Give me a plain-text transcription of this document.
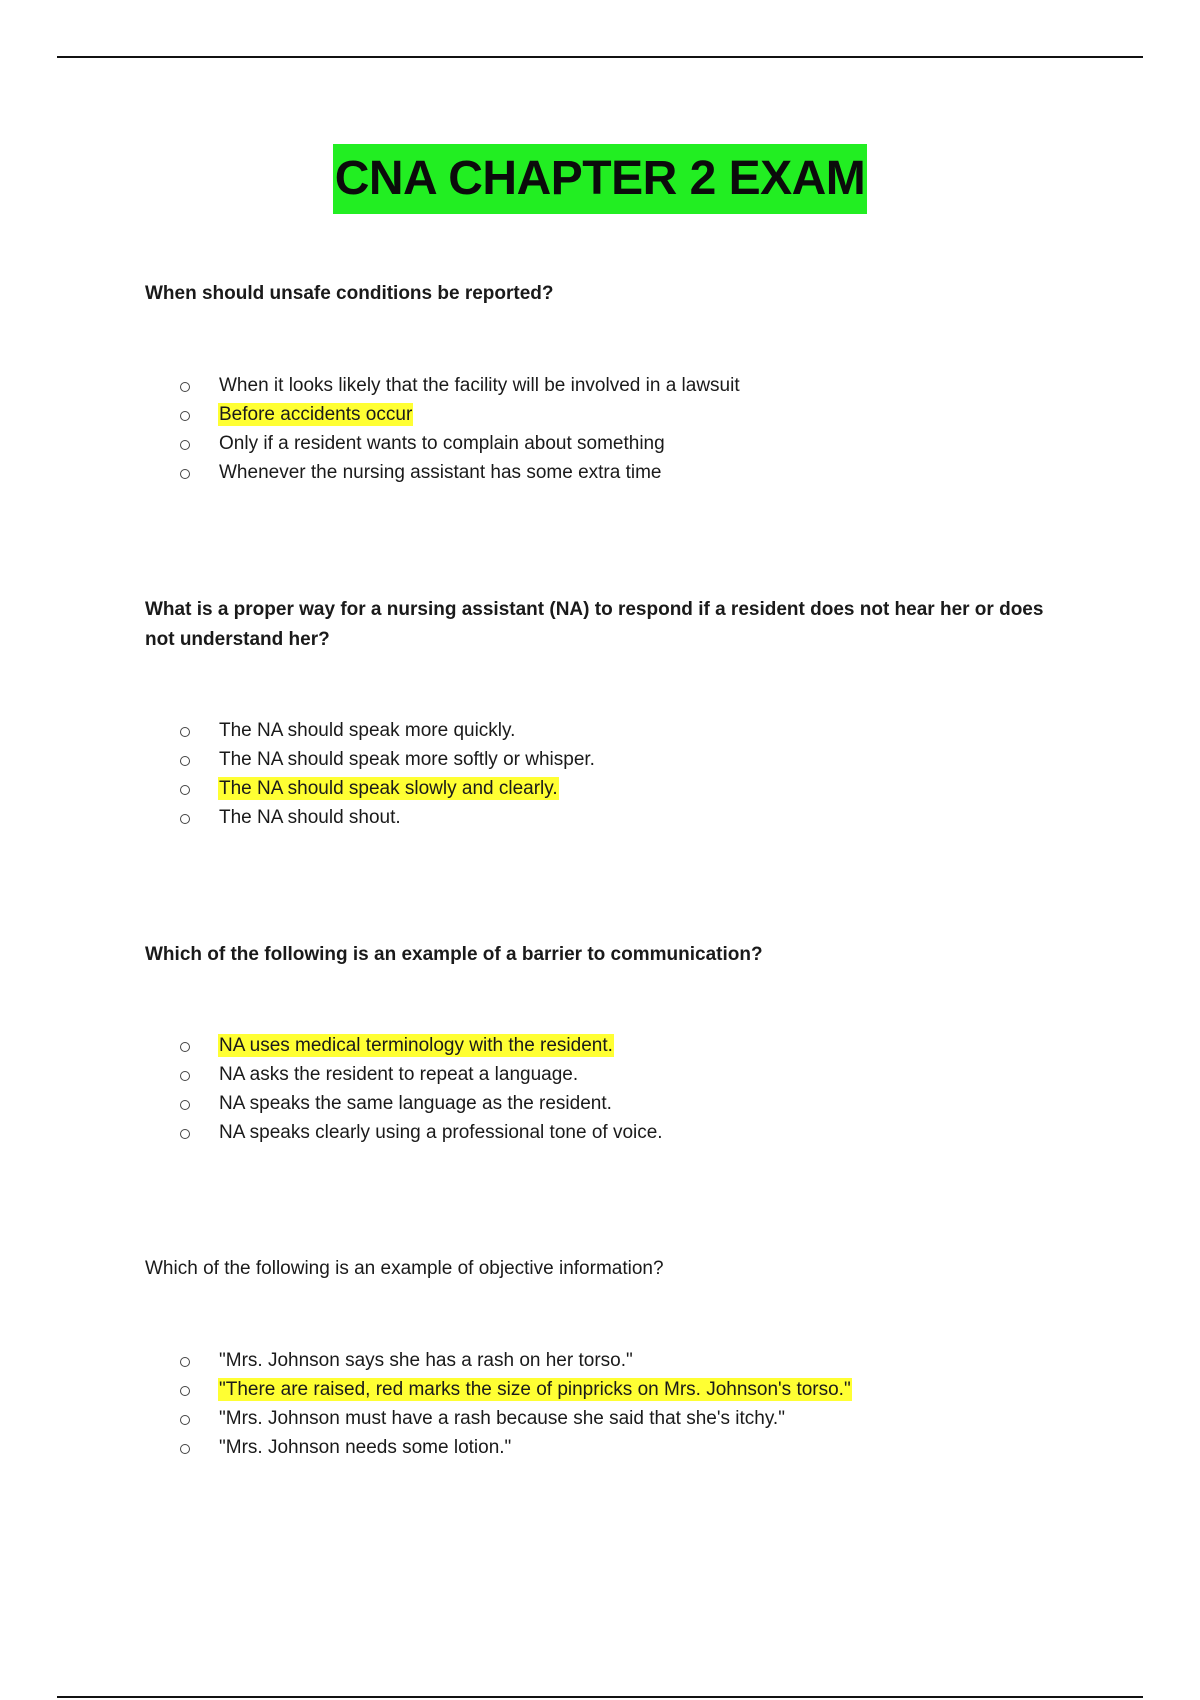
CNA CHAPTER 2 EXAM
When should unsafe conditions be reported?
When it looks likely that the facility will be involved in a lawsuit
Before accidents occur
Only if a resident wants to complain about something
Whenever the nursing assistant has some extra time
What is a proper way for a nursing assistant (NA) to respond if a resident does not hear her or does not understand her?
The NA should speak more quickly.
The NA should speak more softly or whisper.
The NA should speak slowly and clearly.
The NA should shout.
Which of the following is an example of a barrier to communication?
NA uses medical terminology with the resident.
NA asks the resident to repeat a language.
NA speaks the same language as the resident.
NA speaks clearly using a professional tone of voice.
Which of the following is an example of objective information?
"Mrs. Johnson says she has a rash on her torso."
"There are raised, red marks the size of pinpricks on Mrs. Johnson's torso."
"Mrs. Johnson must have a rash because she said that she's itchy."
"Mrs. Johnson needs some lotion."
